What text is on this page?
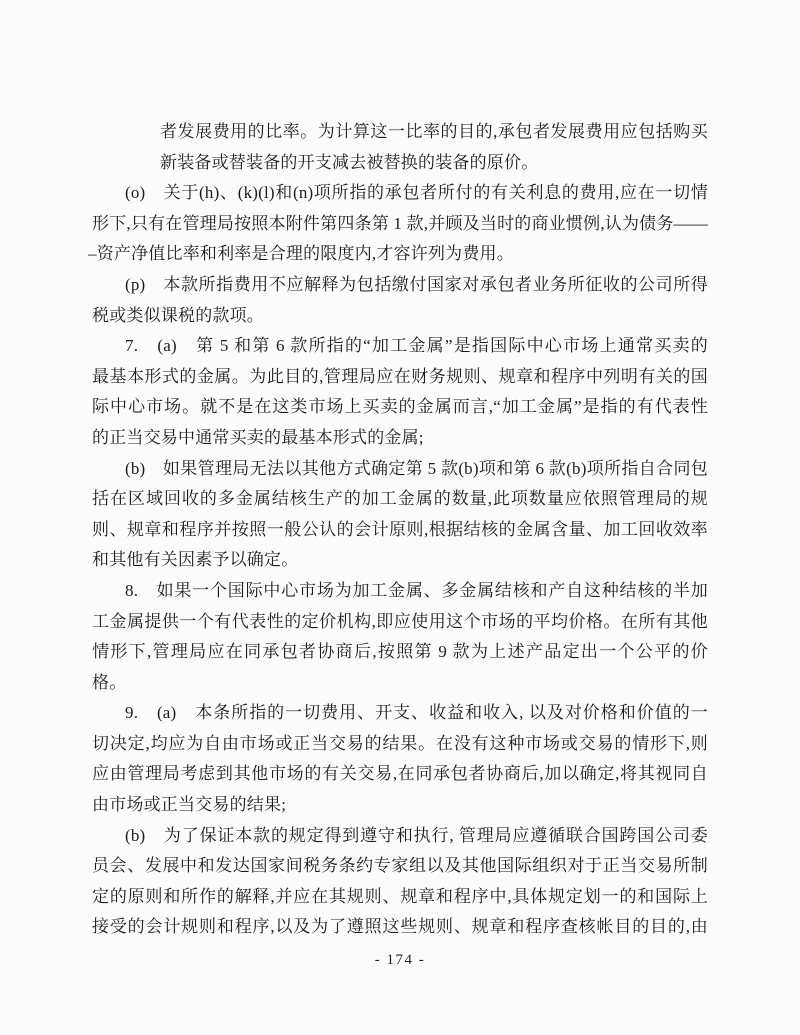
者发展费用的比率。为计算这一比率的目的,承包者发展费用应包括购买
新装备或替装备的开支减去被替换的装备的原价。
(o)　关于(h)、(k)(l)和(n)项所指的承包者所付的有关利息的费用,应在一切情
形下,只有在管理局按照本附件第四条第 1 款,并顾及当时的商业惯例,认为债务——
–资产净值比率和利率是合理的限度内,才容许列为费用。
(p)　本款所指费用不应解释为包括缴付国家对承包者业务所征收的公司所得
税或类似课税的款项。
7.　(a)　第 5 和第 6 款所指的“加工金属”是指国际中心市场上通常买卖的
最基本形式的金属。为此目的,管理局应在财务规则、规章和程序中列明有关的国
际中心市场。就不是在这类市场上买卖的金属而言,“加工金属”是指的有代表性
的正当交易中通常买卖的最基本形式的金属;
(b)　如果管理局无法以其他方式确定第 5 款(b)项和第 6 款(b)项所指自合同包
括在区域回收的多金属结核生产的加工金属的数量,此项数量应依照管理局的规
则、规章和程序并按照一般公认的会计原则,根据结核的金属含量、加工回收效率
和其他有关因素予以确定。
8.　如果一个国际中心市场为加工金属、多金属结核和产自这种结核的半加
工金属提供一个有代表性的定价机构,即应使用这个市场的平均价格。在所有其他
情形下,管理局应在同承包者协商后,按照第 9 款为上述产品定出一个公平的价
格。
9.　(a)　本条所指的一切费用、开支、收益和收入, 以及对价格和价值的一
切决定,均应为自由市场或正当交易的结果。在没有这种市场或交易的情形下,则
应由管理局考虑到其他市场的有关交易,在同承包者协商后,加以确定,将其视同自
由市场或正当交易的结果;
(b)　为了保证本款的规定得到遵守和执行, 管理局应遵循联合国跨国公司委
员会、发展中和发达国家间税务条约专家组以及其他国际组织对于正当交易所制
定的原则和所作的解释,并应在其规则、规章和程序中,具体规定划一的和国际上
接受的会计规则和程序,以及为了遵照这些规则、规章和程序查核帐目的目的,由
- 174 -
